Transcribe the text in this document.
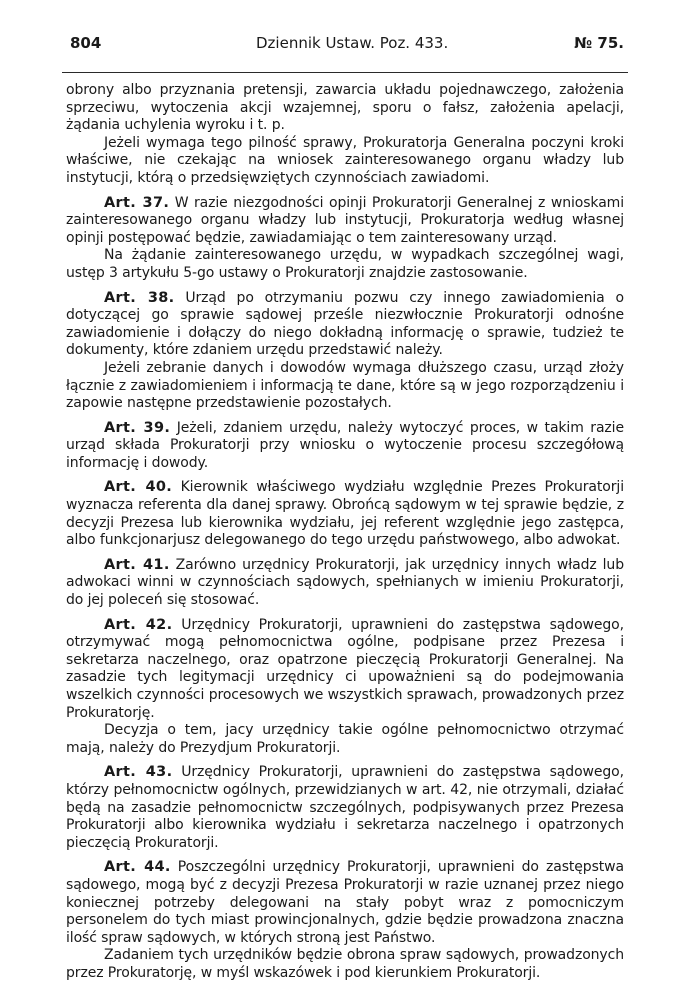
804	Dziennik Ustaw. Poz. 433.	№ 75.

obrony albo przyznania pretensji, zawarcia układu pojednawczego, założenia sprzeciwu, wytoczenia akcji wzajemnej, sporu o fałsz, założenia apelacji, żądania uchylenia wyroku i t. p.

Jeżeli wymaga tego pilność sprawy, Prokuratorja Generalna poczyni kroki właściwe, nie czekając na wniosek zainteresowanego organu władzy lub instytucji, którą o przedsięwziętych czynnościach zawiadomi.

Art. 37. W razie niezgodności opinji Prokuratorji Generalnej z wnioskami zainteresowanego organu władzy lub instytucji, Prokuratorja według własnej opinji postępować będzie, zawiadamiając o tem zainteresowany urząd.

Na żądanie zainteresowanego urzędu, w wypadkach szczególnej wagi, ustęp 3 artykułu 5-go ustawy o Prokuratorji znajdzie zastosowanie.

Art. 38. Urząd po otrzymaniu pozwu czy innego zawiadomienia o dotyczącej go sprawie sądowej prześle niezwłocznie Prokuratorji odnośne zawiadomienie i dołączy do niego dokładną informację o sprawie, tudzież te dokumenty, które zdaniem urzędu przedstawić należy.

Jeżeli zebranie danych i dowodów wymaga dłuższego czasu, urząd złoży łącznie z zawiadomieniem i informacją te dane, które są w jego rozporządzeniu i zapowie następne przedstawienie pozostałych.

Art. 39. Jeżeli, zdaniem urzędu, należy wytoczyć proces, w takim razie urząd składa Prokuratorji przy wniosku o wytoczenie procesu szczegółową informację i dowody.

Art. 40. Kierownik właściwego wydziału względnie Prezes Prokuratorji wyznacza referenta dla danej sprawy. Obrońcą sądowym w tej sprawie będzie, z decyzji Prezesa lub kierownika wydziału, jej referent względnie jego zastępca, albo funkcjonarjusz delegowanego do tego urzędu państwowego, albo adwokat.

Art. 41. Zarówno urzędnicy Prokuratorji, jak urzędnicy innych władz lub adwokaci winni w czynnościach sądowych, spełnianych w imieniu Prokuratorji, do jej poleceń się stosować.

Art. 42. Urzędnicy Prokuratorji, uprawnieni do zastępstwa sądowego, otrzymywać mogą pełnomocnictwa ogólne, podpisane przez Prezesa i sekretarza naczelnego, oraz opatrzone pieczęcią Prokuratorji Generalnej. Na zasadzie tych legitymacji urzędnicy ci upoważnieni są do podejmowania wszelkich czynności procesowych we wszystkich sprawach, prowadzonych przez Prokuratorję.

Decyzja o tem, jacy urzędnicy takie ogólne pełnomocnictwo otrzymać mają, należy do Prezydjum Prokuratorji.

Art. 43. Urzędnicy Prokuratorji, uprawnieni do zastępstwa sądowego, którzy pełnomocnictw ogólnych, przewidzianych w art. 42, nie otrzymali, działać będą na zasadzie pełnomocnictw szczególnych, podpisywanych przez Prezesa Prokuratorji albo kierownika wydziału i sekretarza naczelnego i opatrzonych pieczęcią Prokuratorji.

Art. 44. Poszczególni urzędnicy Prokuratorji, uprawnieni do zastępstwa sądowego, mogą być z decyzji Prezesa Prokuratorji w razie uznanej przez niego koniecznej potrzeby delegowani na stały pobyt wraz z pomocniczym personelem do tych miast prowincjonalnych, gdzie będzie prowadzona znaczna ilość spraw sądowych, w których stroną jest Państwo.

Zadaniem tych urzędników będzie obrona spraw sądowych, prowadzonych przez Prokuratorję, w myśl wskazówek i pod kierunkiem Prokuratorji.
